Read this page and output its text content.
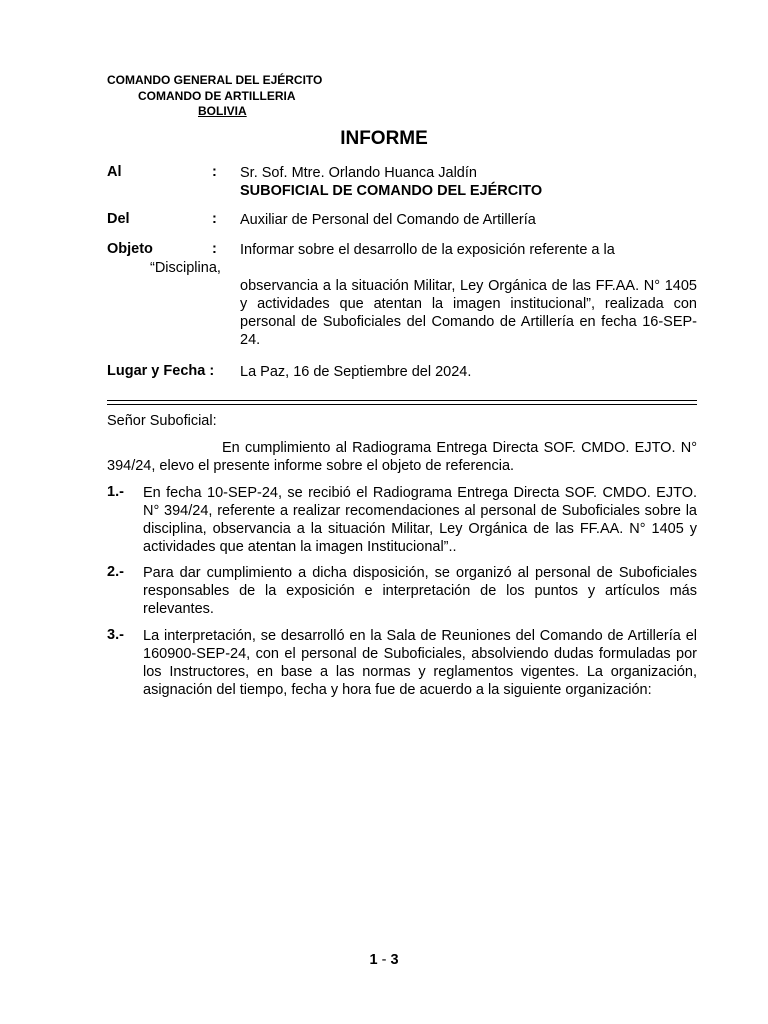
COMANDO GENERAL DEL EJÉRCITO
COMANDO DE ARTILLERIA
BOLIVIA
INFORME
Al	: Sr. Sof. Mtre. Orlando Huanca Jaldín
SUBOFICIAL DE COMANDO DEL EJÉRCITO
Del	: Auxiliar de Personal del Comando de Artillería
Objeto	: Informar sobre el desarrollo de la exposición referente a la
“Disciplina,
observancia a la situación Militar, Ley Orgánica de las FF.AA. N° 1405 y actividades que atentan la imagen institucional”, realizada con personal de Suboficiales del Comando de Artillería en fecha 16-SEP-24.
Lugar y Fecha : La Paz, 16 de Septiembre del 2024.
Señor Suboficial:
En cumplimiento al Radiograma Entrega Directa SOF. CMDO. EJTO. N° 394/24, elevo el presente informe sobre el objeto de referencia.
1.- En fecha 10-SEP-24, se recibió el Radiograma Entrega Directa SOF. CMDO. EJTO. N° 394/24, referente a realizar recomendaciones al personal de Suboficiales sobre la disciplina, observancia a la situación Militar, Ley Orgánica de las FF.AA. N° 1405 y actividades que atentan la imagen Institucional”..
2.- Para dar cumplimiento a dicha disposición, se organizó al personal de Suboficiales responsables de la exposición e interpretación de los puntos y artículos más relevantes.
3.- La interpretación, se desarrolló en la Sala de Reuniones del Comando de Artillería el 160900-SEP-24, con el personal de Suboficiales, absolviendo dudas formuladas por los Instructores, en base a las normas y reglamentos vigentes. La organización, asignación del tiempo, fecha y hora fue de acuerdo a la siguiente organización:
1 - 3
